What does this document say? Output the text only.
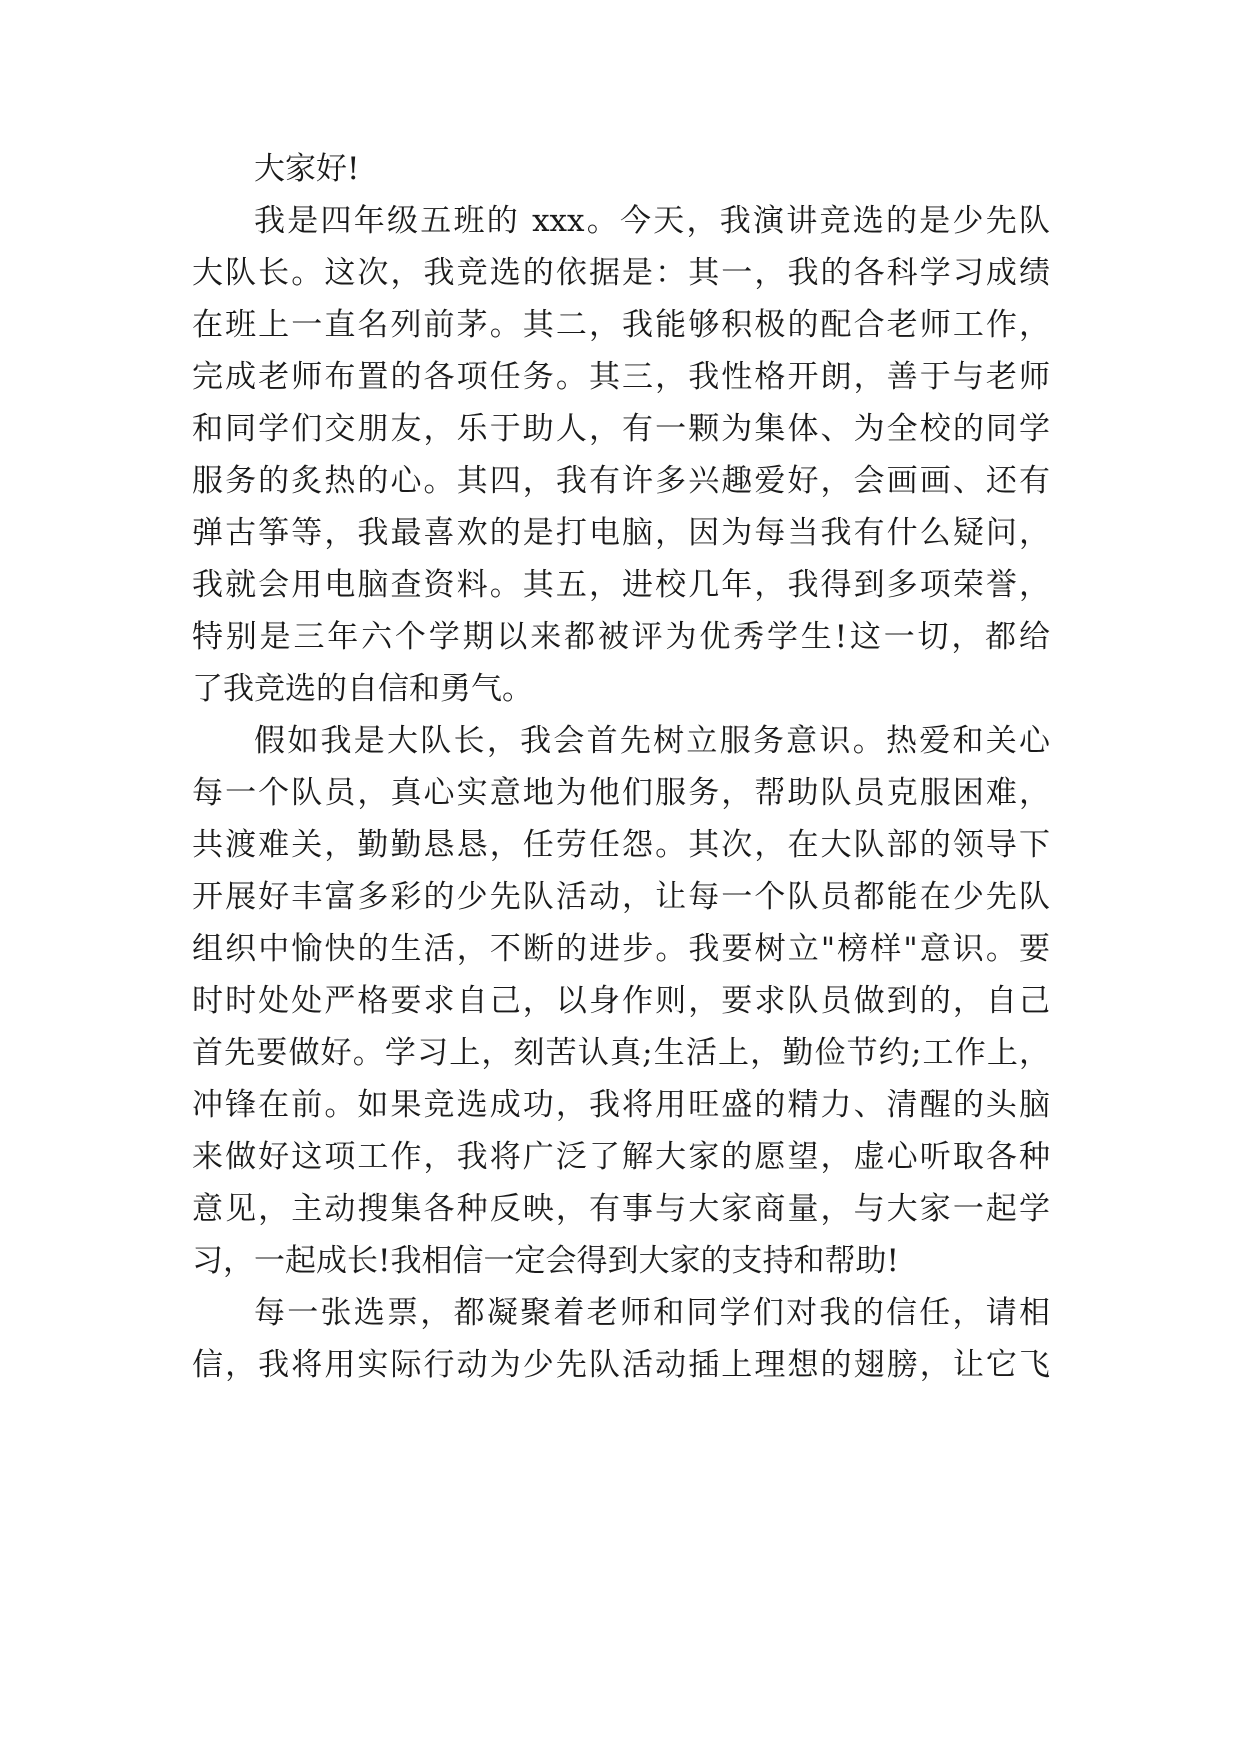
大家好!
我是四年级五班的 xxx。今天，我演讲竞选的是少先队
大队长。这次，我竞选的依据是：其一，我的各科学习成绩
在班上一直名列前茅。其二，我能够积极的配合老师工作，
完成老师布置的各项任务。其三，我性格开朗，善于与老师
和同学们交朋友，乐于助人，有一颗为集体、为全校的同学
服务的炙热的心。其四，我有许多兴趣爱好，会画画、还有
弹古筝等，我最喜欢的是打电脑，因为每当我有什么疑问，
我就会用电脑查资料。其五，进校几年，我得到多项荣誉，
特别是三年六个学期以来都被评为优秀学生!这一切，都给
了我竞选的自信和勇气。
假如我是大队长，我会首先树立服务意识。热爱和关心
每一个队员，真心实意地为他们服务，帮助队员克服困难，
共渡难关，勤勤恳恳，任劳任怨。其次，在大队部的领导下
开展好丰富多彩的少先队活动，让每一个队员都能在少先队
组织中愉快的生活，不断的进步。我要树立"榜样"意识。要
时时处处严格要求自己，以身作则，要求队员做到的，自己
首先要做好。学习上，刻苦认真;生活上，勤俭节约;工作上，
冲锋在前。如果竞选成功，我将用旺盛的精力、清醒的头脑
来做好这项工作，我将广泛了解大家的愿望，虚心听取各种
意见，主动搜集各种反映，有事与大家商量，与大家一起学
习，一起成长!我相信一定会得到大家的支持和帮助!
每一张选票，都凝聚着老师和同学们对我的信任，请相
信，我将用实际行动为少先队活动插上理想的翅膀，让它飞
